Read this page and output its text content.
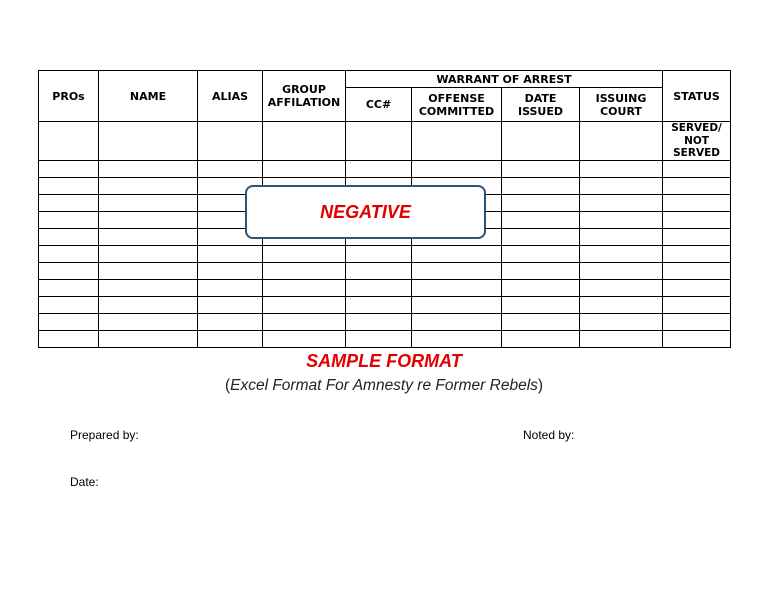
PROs	NAME	ALIAS	GROUP AFFILATION	WARRANT OF ARREST				STATUS
				CC#	OFFENSE COMMITTED	DATE ISSUED	ISSUING COURT	
								SERVED/ NOT SERVED

NEGATIVE
SAMPLE FORMAT
(Excel Format For Amnesty re Former Rebels)
Prepared by:	Noted by:
Date:
